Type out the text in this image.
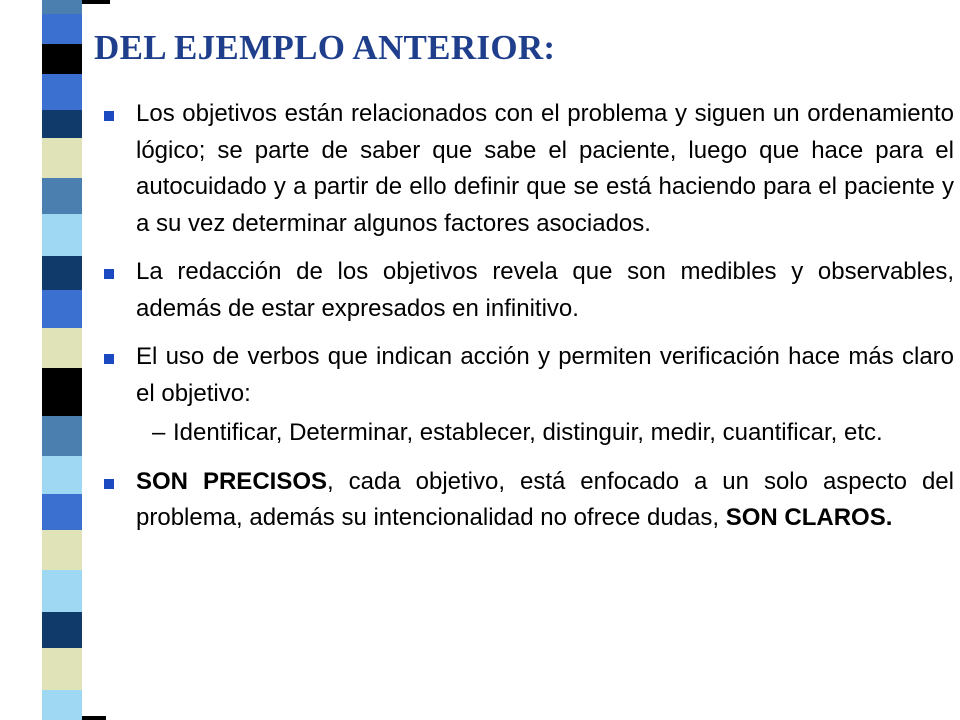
DEL EJEMPLO ANTERIOR:
Los objetivos están relacionados con el problema y siguen un ordenamiento lógico; se parte de saber que sabe el paciente, luego que hace para el autocuidado y a partir de ello definir que se está haciendo para el paciente y a su vez determinar algunos factores asociados.
La redacción de los objetivos revela que son medibles y observables, además de estar expresados en infinitivo.
El uso de verbos que indican acción y permiten verificación hace más claro el objetivo:
– Identificar, Determinar, establecer, distinguir, medir, cuantificar, etc.
SON PRECISOS, cada objetivo, está enfocado a un solo aspecto del problema, además su intencionalidad no ofrece dudas, SON CLAROS.
